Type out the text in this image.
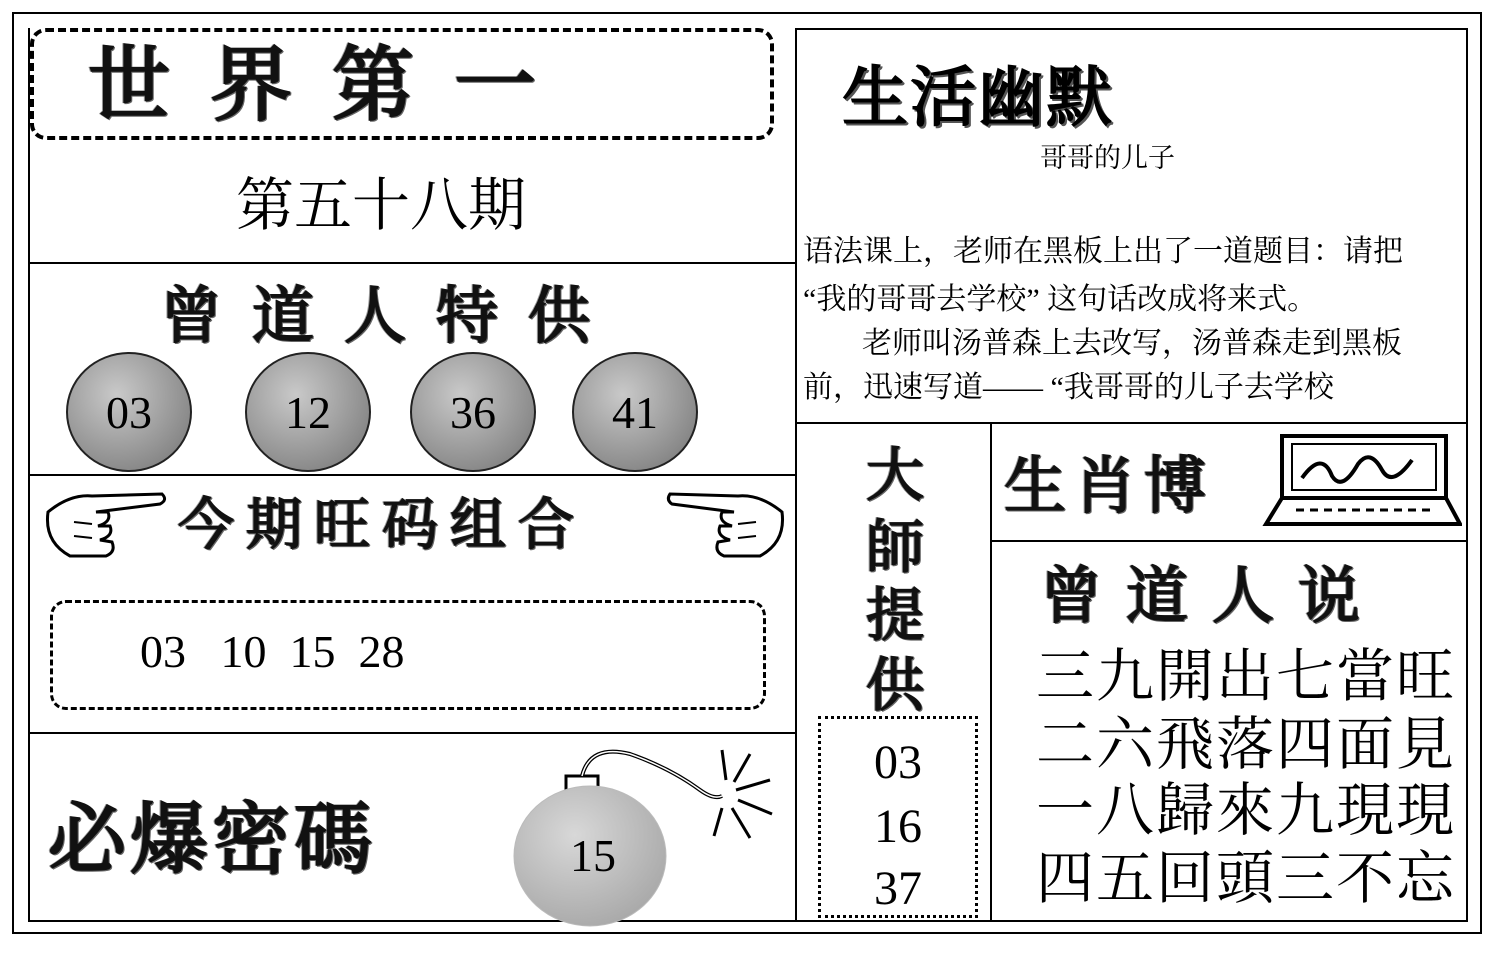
世界第一
第五十八期
曾道人特供
03	12	36	41
今期旺码组合
03   10  15  28
必爆密碼	15
生活幽默
哥哥的儿子
语法课上，老师在黑板上出了一道题目：请把
“我的哥哥去学校” 这句话改成将来式。
老师叫汤普森上去改写，汤普森走到黑板
前，迅速写道—— “我哥哥的儿子去学校
大
師
提
供
03
16
37
生肖博
曾道人说
三九開出七當旺
二六飛落四面見
一八歸來九現現
四五回頭三不忘
